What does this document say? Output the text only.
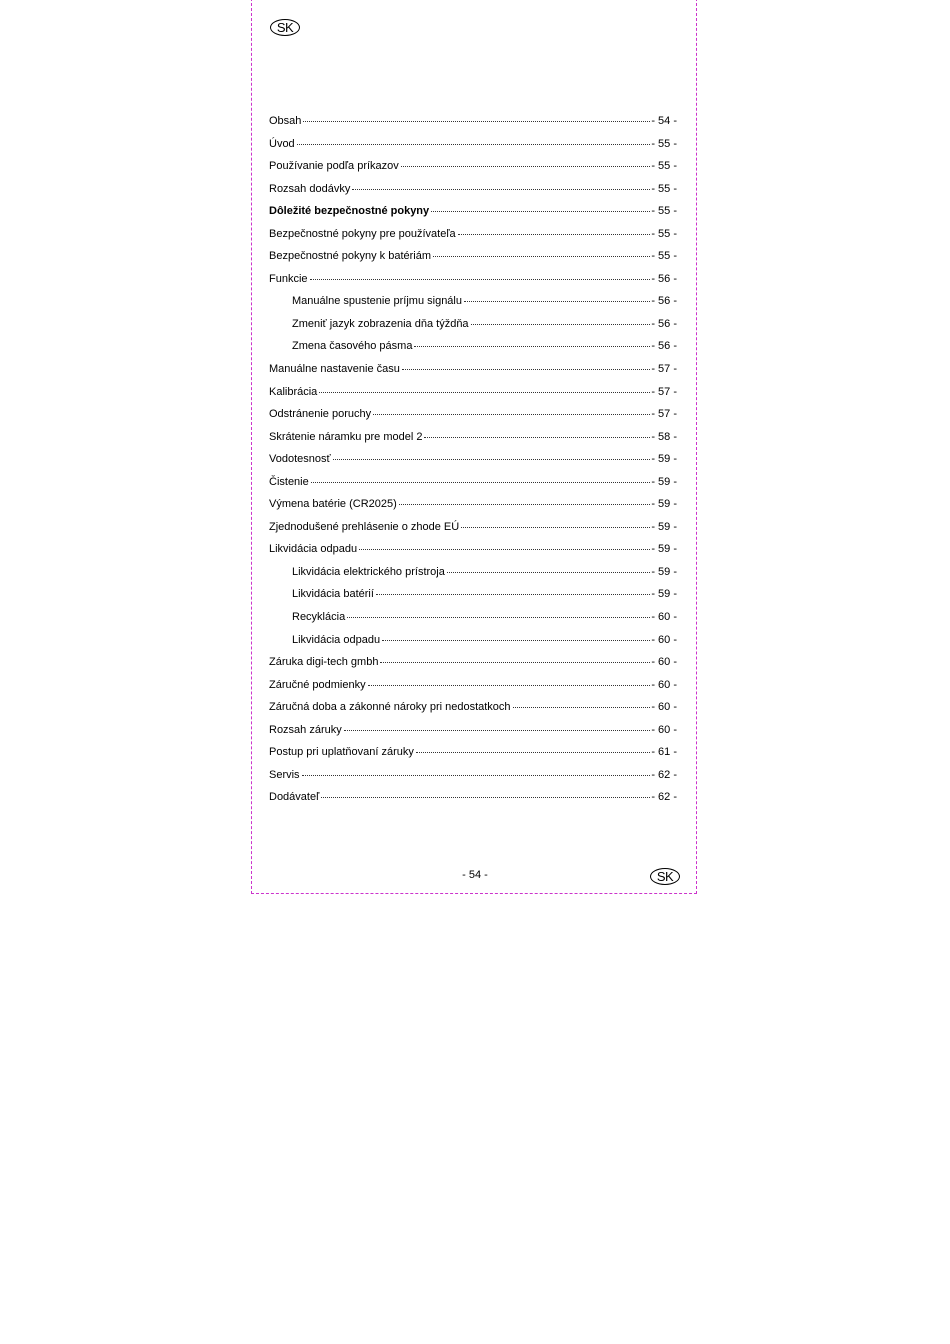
SK
Obsah	- 54 -
Úvod	- 55 -
Používanie podľa príkazov	- 55 -
Rozsah dodávky	- 55 -
Dôležité bezpečnostné pokyny	- 55 -
Bezpečnostné pokyny pre používateľa	- 55 -
Bezpečnostné pokyny k batériám	- 55 -
Funkcie	- 56 -
Manuálne spustenie príjmu signálu	- 56 -
Zmeniť jazyk zobrazenia dňa týždňa	- 56 -
Zmena časového pásma	- 56 -
Manuálne nastavenie času	- 57 -
Kalibrácia	- 57 -
Odstránenie poruchy	- 57 -
Skrátenie náramku pre model 2	- 58 -
Vodotesnosť	- 59 -
Čistenie	- 59 -
Výmena batérie (CR2025)	- 59 -
Zjednodušené prehlásenie o zhode EÚ	- 59 -
Likvidácia odpadu	- 59 -
Likvidácia elektrického prístroja	- 59 -
Likvidácia batérií	- 59 -
Recyklácia	- 60 -
Likvidácia odpadu	- 60 -
Záruka digi-tech gmbh	- 60 -
Záručné podmienky	- 60 -
Záručná doba a zákonné nároky pri nedostatkoch	- 60 -
Rozsah záruky	- 60 -
Postup pri uplatňovaní záruky	- 61 -
Servis	- 62 -
Dodávateľ	- 62 -
- 54 -	SK
